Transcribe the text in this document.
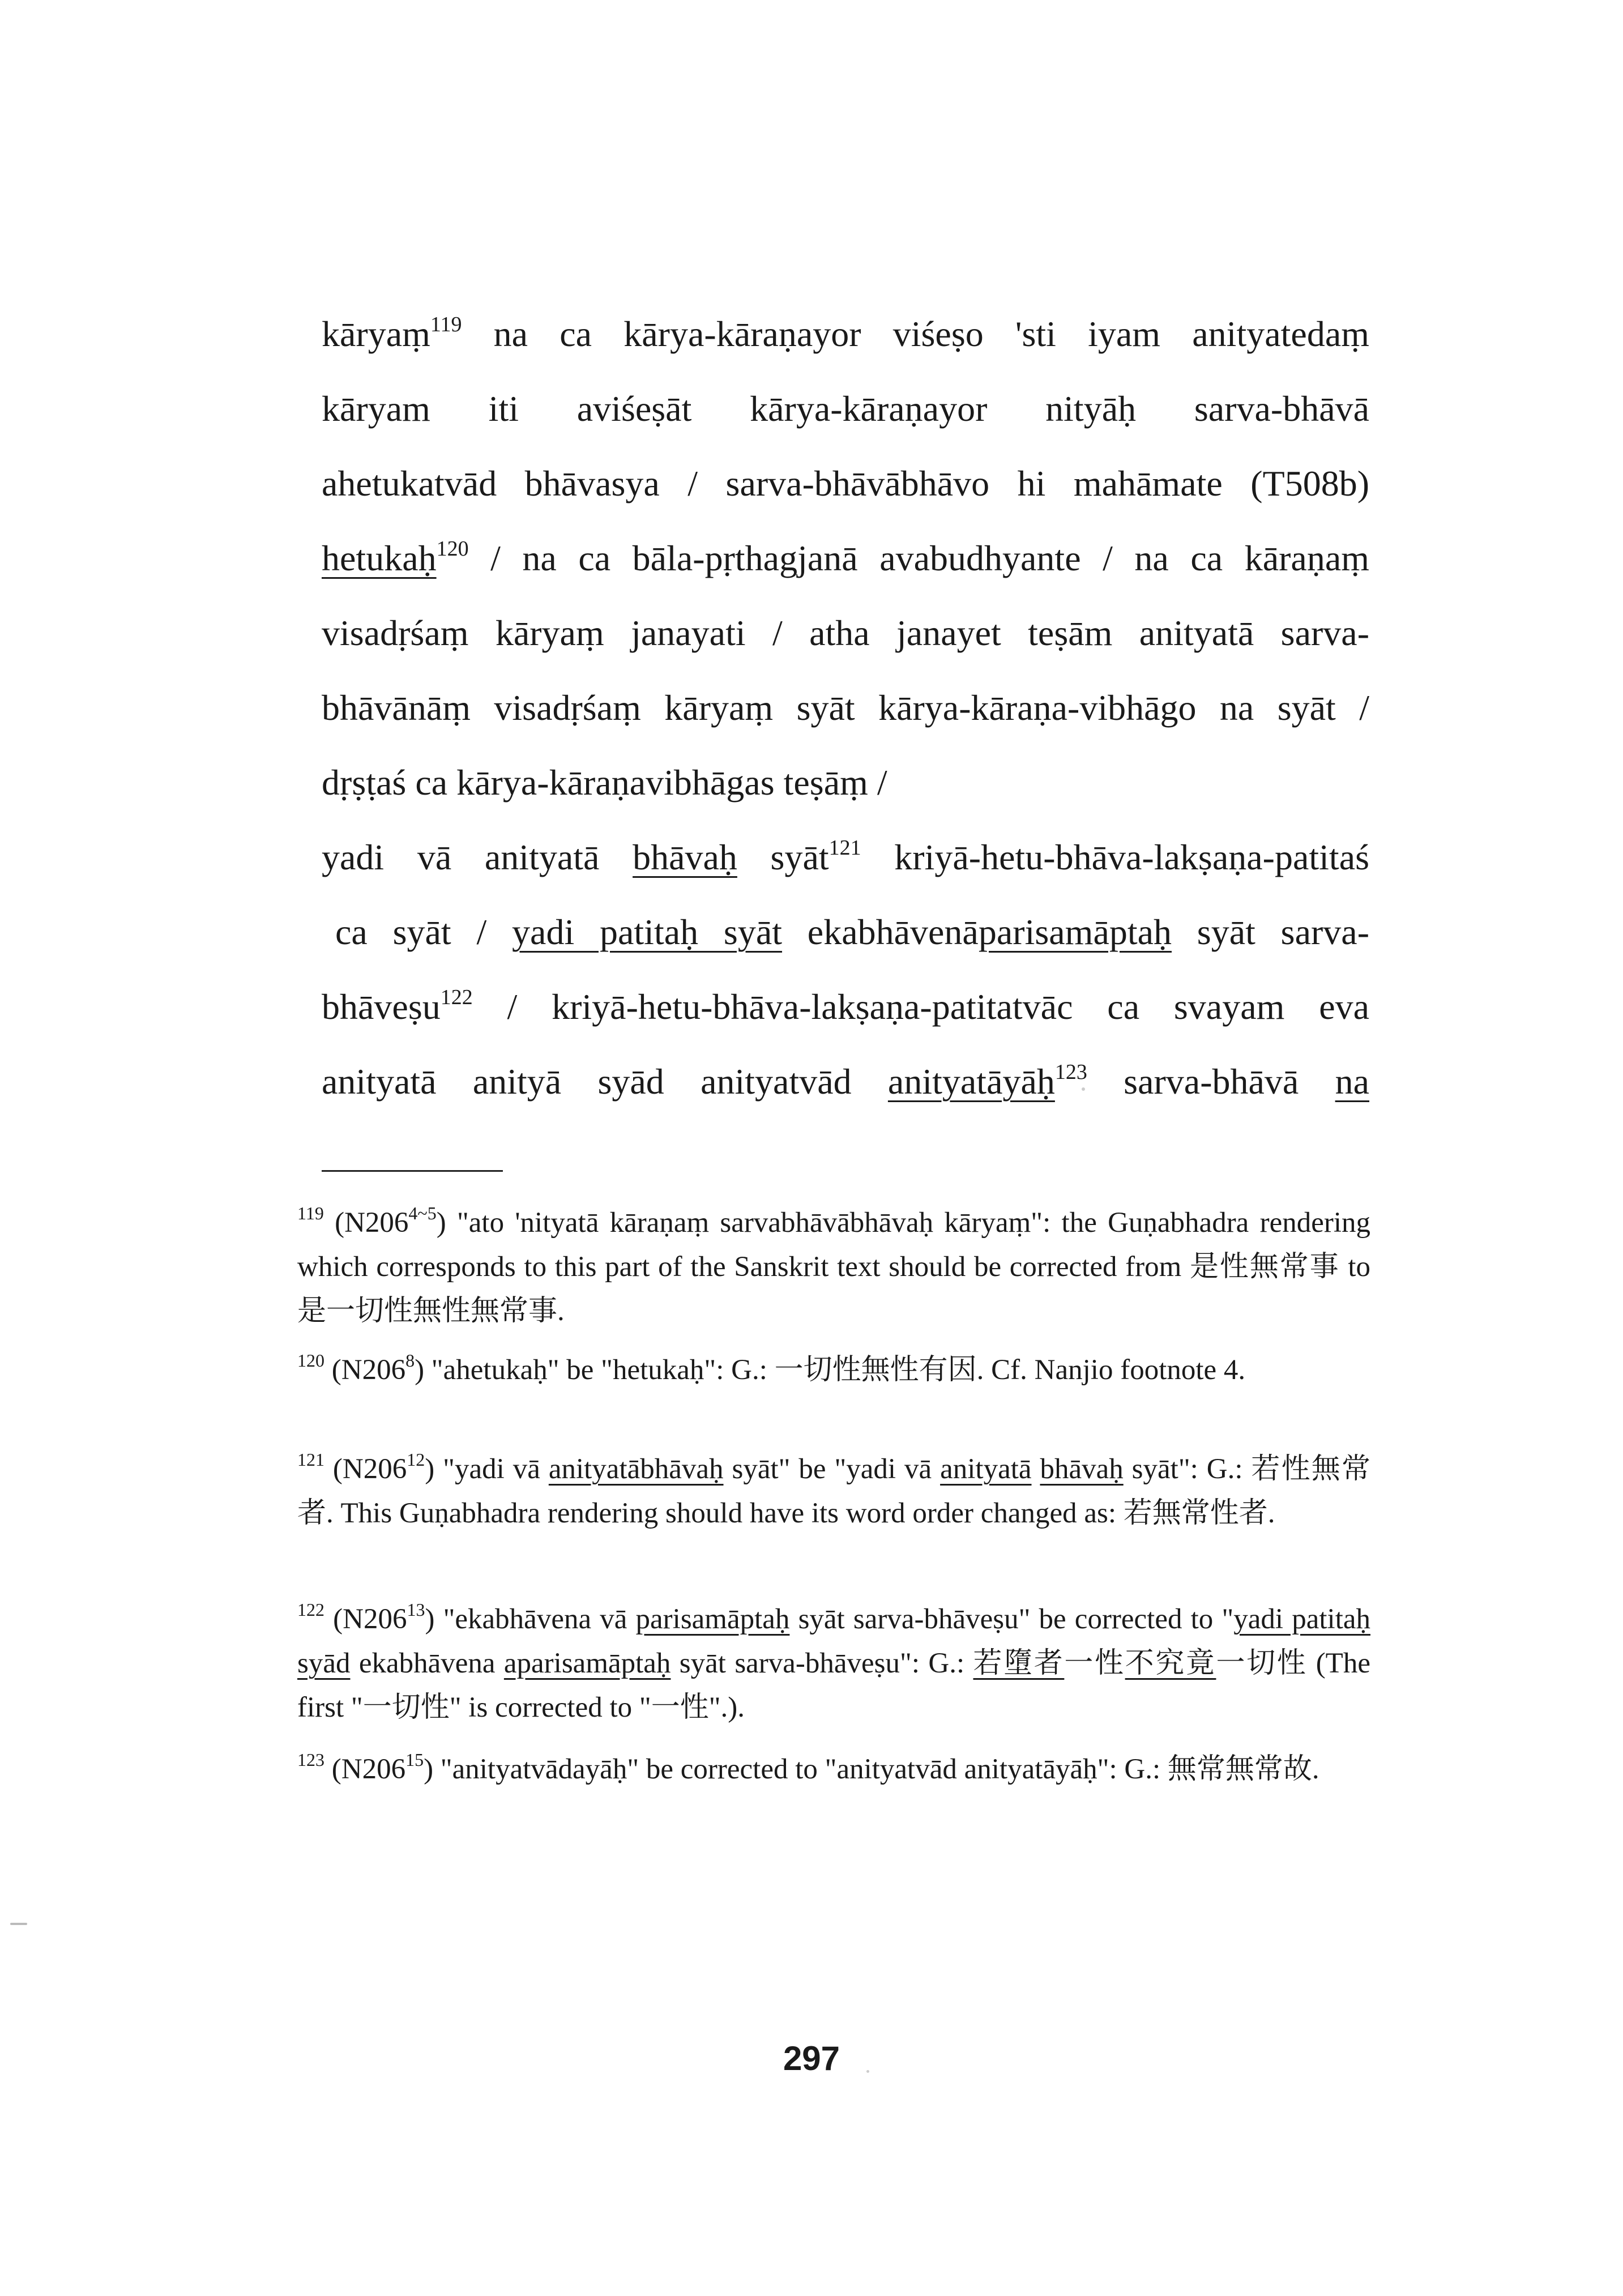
kāryaṃ$^{119}$ na ca kārya-kāraṇayor viśeṣo 'sti iyam anityatedaṃ
kāryam iti aviśeṣāt kārya-kāraṇayor nityāḥ sarva-bhāvā
ahetukatvād bhāvasya / sarva-bhāvābhāvo hi mahāmate (T508b)
hetukaḥ$^{120}$ / na ca bāla-pṛthagjanā avabudhyante / na ca kāraṇaṃ
visadṛśaṃ kāryaṃ janayati / atha janayet teṣām anityatā sarva-
bhāvānāṃ visadṛśaṃ kāryaṃ syāt kārya-kāraṇa-vibhāgo na syāt /
dṛṣṭaś ca kārya-kāraṇavibhāgas teṣāṃ /
yadi vā anityatā bhāvaḥ syāt$^{121}$ kriyā-hetu-bhāva-lakṣaṇa-patitaś
ca syāt / yadi patitaḥ syāt ekabhāvenāparisamāptaḥ syāt sarva-
bhāveṣu$^{122}$ / kriyā-hetu-bhāva-lakṣaṇa-patitatvāc ca svayam eva
anityatā anityā syād anityatvād anityatāyāḥ$^{123}$ sarva-bhāvā na
$^{119}$ $(N206^{4\sim 5})$ "ato 'nityatā kāraṇaṃ sarvabhāvābhāvaḥ kāryaṃ": the Guṇabhadra rendering which corresponds to this part of the Sanskrit text should be corrected from 是性無常事 to 是一切性無性無常事.
$^{120}$ $(N206^8)$ "ahetukaḥ" be "hetukaḥ": G.: 一切性無性有因. Cf. Nanjio footnote 4.
$^{121}$ $(N206^{12})$ "yadi vā anityatābhāvaḥ syāt" be "yadi vā anityatā bhāvaḥ syāt": G.: 若性無常者. This Guṇabhadra rendering should have its word order changed as: 若無常性者.
$^{122}$ $(N206^{13})$ "ekabhāvena vā parisamāptaḥ syāt sarva-bhāveṣu" be corrected to "yadi patitaḥ syād ekabhāvena aparisamāptaḥ syāt sarva-bhāveṣu": G.: 若墮者一性不究竟一切性 (The first "一切性" is corrected to "一性".).
$^{123}$ $(N206^{15})$ "anityatvādayāḥ" be corrected to "anityatvād anityatāyāḥ": G.: 無常無常故.
297
